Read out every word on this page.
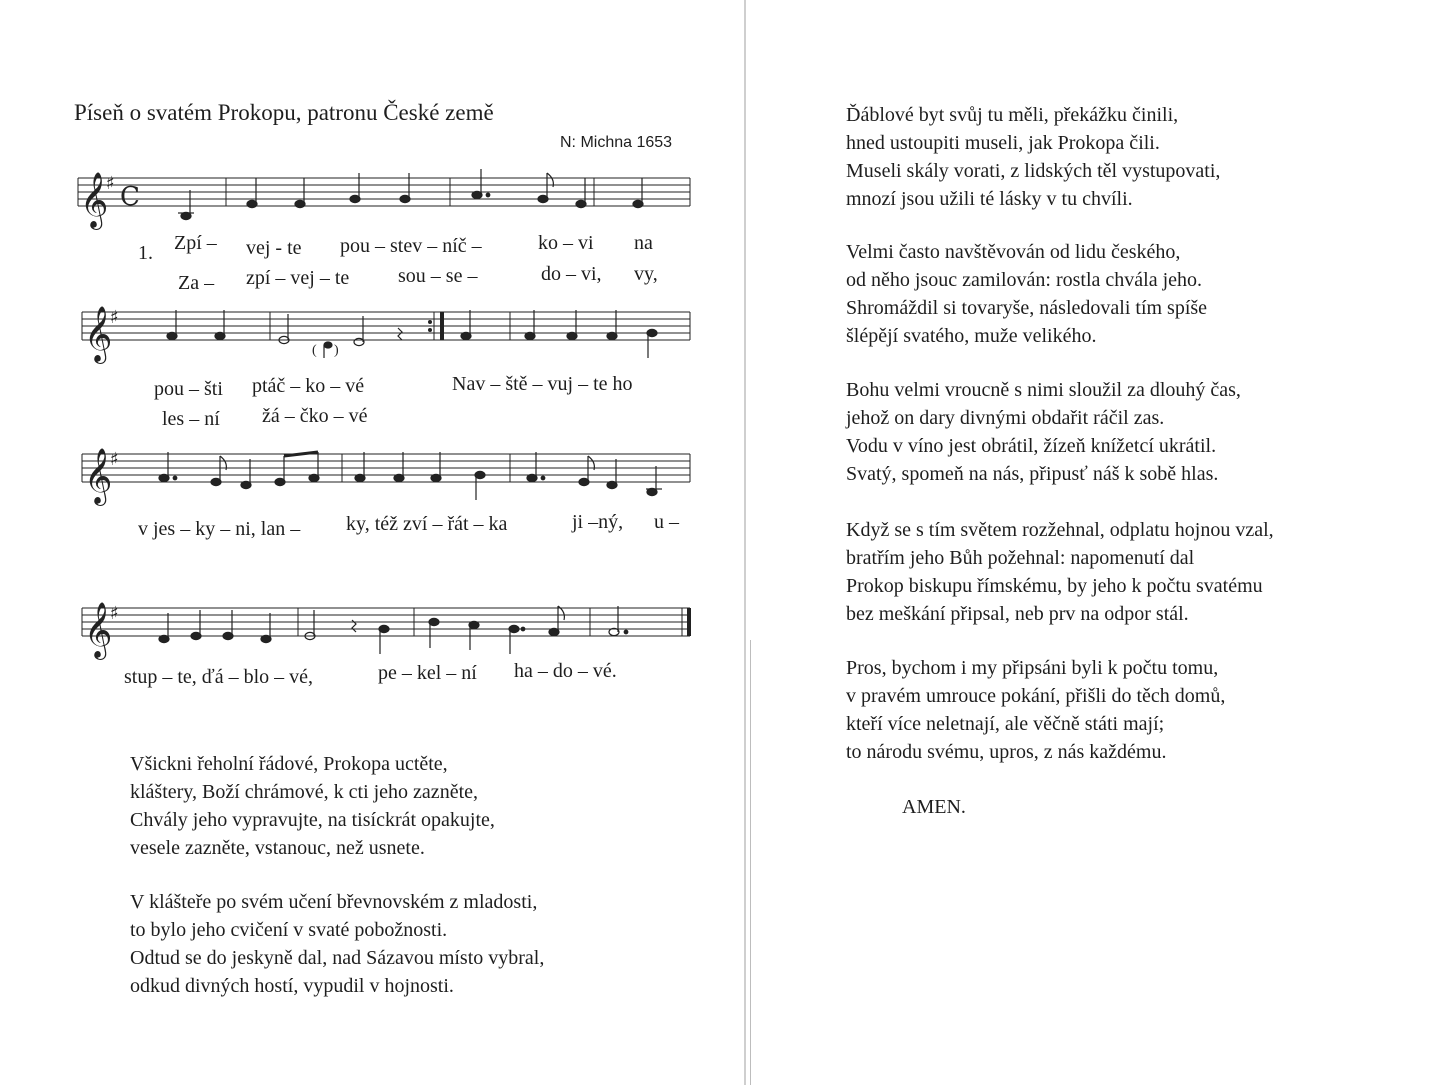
Píseň o svatém Prokopu, patronu České země
N: Michna 1653
𝄞
♯ C
1. Zpí – vej - te pou – stev – níč –	ko – vi na
Za – zpí – vej – te sou – se –	do – vi, vy,
𝄞
♯
( )
pou – šti ptáč – ko – vé	Nav – ště – vuj – te ho
les – ní žá – čko – vé
𝄞
♯
v jes – ky – ni, lan – ky, též zví – řát – ka	ji –ný, u –
𝄞
♯
stup – te, ďá – blo – vé,	pe – kel – ní ha – do – vé.
Všickni řeholní řádové, Prokopa uctěte,
kláštery, Boží chrámové, k cti jeho zazněte,
Chvály jeho vypravujte, na tisíckrát opakujte,
vesele zazněte, vstanouc, než usnete.
V klášteře po svém učení břevnovském z mladosti,
to bylo jeho cvičení v svaté pobožnosti.
Odtud se do jeskyně dal, nad Sázavou místo vybral,
odkud divných hostí, vypudil v hojnosti.
Ďáblové byt svůj tu měli, překážku činili,
hned ustoupiti museli, jak Prokopa čili.
Museli skály vorati, z lidských těl vystupovati,
mnozí jsou užili té lásky v tu chvíli.
Velmi často navštěvován od lidu českého,
od něho jsouc zamilován: rostla chvála jeho.
Shromáždil si tovaryše, následovali tím spíše
šlépějí svatého, muže velikého.
Bohu velmi vroucně s nimi sloužil za dlouhý čas,
jehož on dary divnými obdařit ráčil zas.
Vodu v víno jest obrátil, žízeň knížetcí ukrátil.
Svatý, spomeň na nás, připusť náš k sobě hlas.
Když se s tím světem rozžehnal, odplatu hojnou vzal,
bratřím jeho Bůh požehnal: napomenutí dal
Prokop biskupu římskému, by jeho k počtu svatému
bez meškání připsal, neb prv na odpor stál.
Pros, bychom i my připsáni byli k počtu tomu,
v pravém umrouce pokání, přišli do těch domů,
kteří více neletnají, ale věčně státi mají;
to národu svému, upros, z nás každému.
AMEN.
